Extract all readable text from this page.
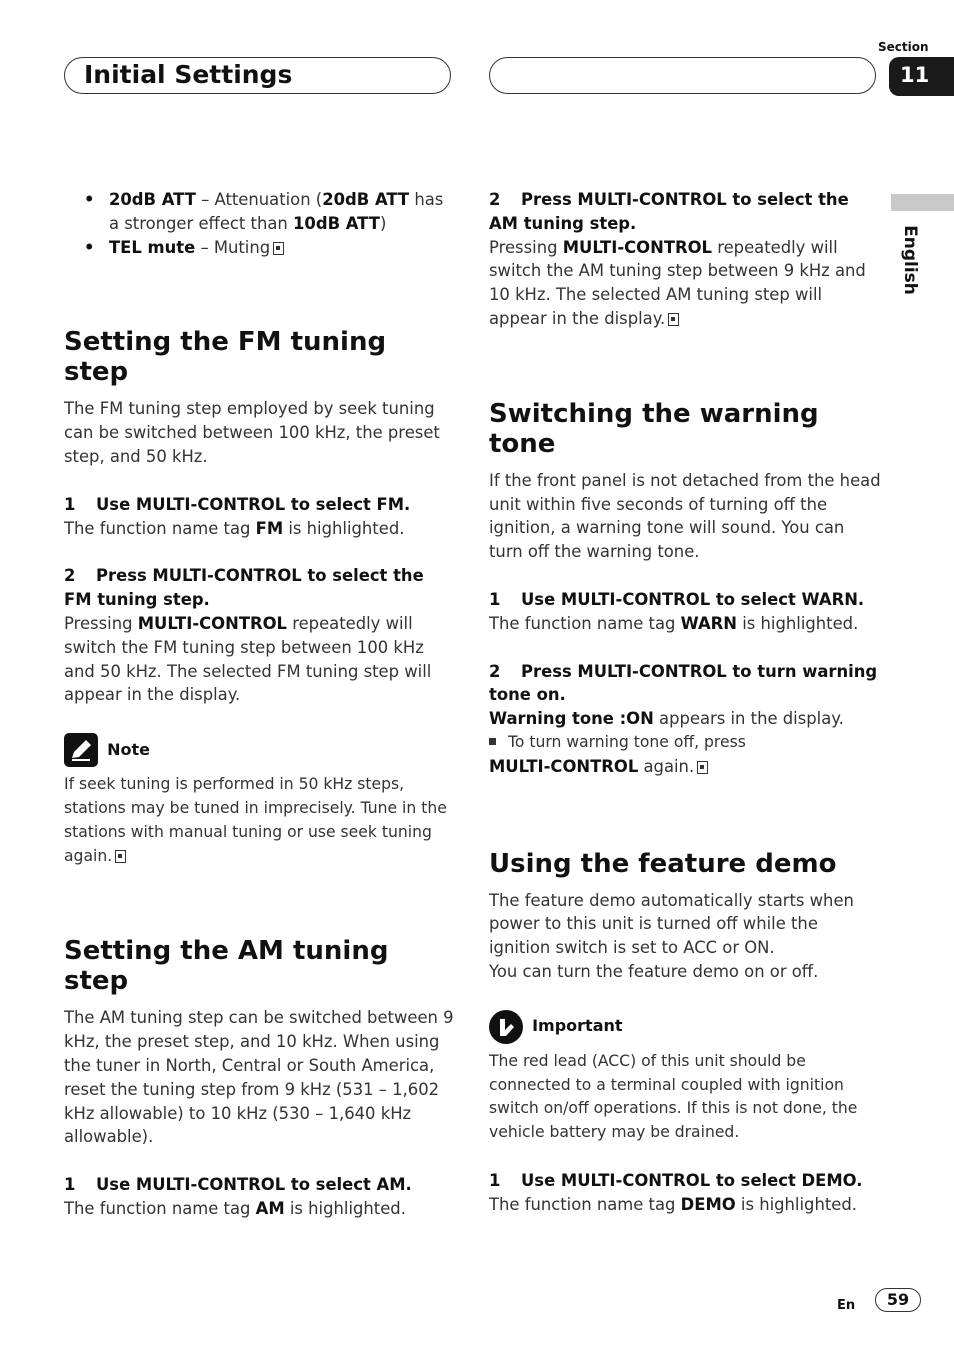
Initial Settings
Section
11
English
• 20dB ATT – Attenuation (20dB ATT has a stronger effect than 10dB ATT)
• TEL mute – Muting
Setting the FM tuning step

The FM tuning step employed by seek tuning can be switched between 100 kHz, the preset step, and 50 kHz.

1 Use MULTI-CONTROL to select FM.

The function name tag FM is highlighted.

2 Press MULTI-CONTROL to select the FM tuning step.

Pressing MULTI-CONTROL repeatedly will switch the FM tuning step between 100 kHz and 50 kHz. The selected FM tuning step will appear in the display.

Note

If seek tuning is performed in 50 kHz steps, stations may be tuned in imprecisely. Tune in the stations with manual tuning or use seek tuning again.

Setting the AM tuning step

The AM tuning step can be switched between 9 kHz, the preset step, and 10 kHz. When using the tuner in North, Central or South America, reset the tuning step from 9 kHz (531 – 1,602 kHz allowable) to 10 kHz (530 – 1,640 kHz allowable).

1 Use MULTI-CONTROL to select AM.

The function name tag AM is highlighted.

2 Press MULTI-CONTROL to select the AM tuning step.

Pressing MULTI-CONTROL repeatedly will switch the AM tuning step between 9 kHz and 10 kHz. The selected AM tuning step will appear in the display.

Switching the warning tone

If the front panel is not detached from the head unit within five seconds of turning off the ignition, a warning tone will sound. You can turn off the warning tone.

1 Use MULTI-CONTROL to select WARN.

The function name tag WARN is highlighted.

2 Press MULTI-CONTROL to turn warning tone on.

Warning tone :ON appears in the display.

To turn warning tone off, press

MULTI-CONTROL again.

Using the feature demo

The feature demo automatically starts when power to this unit is turned off while the ignition switch is set to ACC or ON.

You can turn the feature demo on or off.

Important

The red lead (ACC) of this unit should be connected to a terminal coupled with ignition switch on/off operations. If this is not done, the vehicle battery may be drained.

1 Use MULTI-CONTROL to select DEMO.

The function name tag DEMO is highlighted.

En	59
